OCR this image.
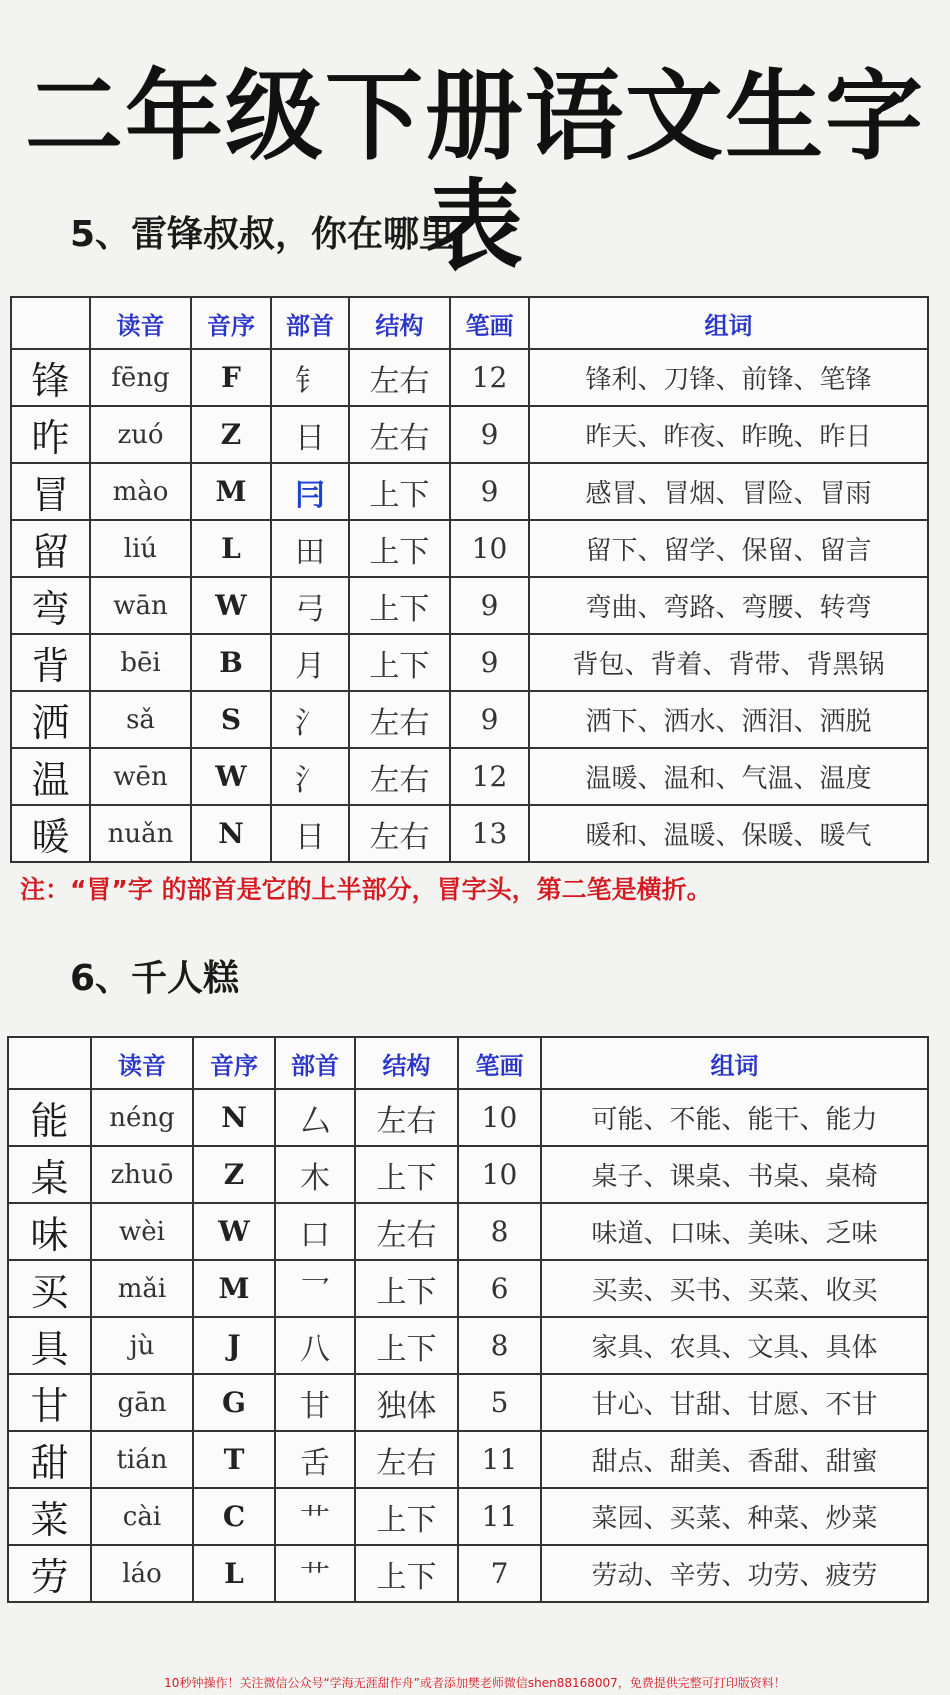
二年级下册语文生字表
5、雷锋叔叔，你在哪里
	读音	音序	部首	结构	笔画	组词
锋	fēng	F	钅	左右	12	锋利、刀锋、前锋、笔锋
昨	zuó	Z	日	左右	9	昨天、昨夜、昨晚、昨日
冒	mào	M	冃	上下	9	感冒、冒烟、冒险、冒雨
留	liú	L	田	上下	10	留下、留学、保留、留言
弯	wān	W	弓	上下	9	弯曲、弯路、弯腰、转弯
背	bēi	B	月	上下	9	背包、背着、背带、背黑锅
洒	sǎ	S	氵	左右	9	洒下、洒水、洒泪、洒脱
温	wēn	W	氵	左右	12	温暖、温和、气温、温度
暖	nuǎn	N	日	左右	13	暖和、温暖、保暖、暖气
注：“冒”字 的部首是它的上半部分，冒字头，第二笔是横折。
6、千人糕
	读音	音序	部首	结构	笔画	组词
能	néng	N	厶	左右	10	可能、不能、能干、能力
桌	zhuō	Z	木	上下	10	桌子、课桌、书桌、桌椅
味	wèi	W	口	左右	8	味道、口味、美味、乏味
买	mǎi	M	乛	上下	6	买卖、买书、买菜、收买
具	jù	J	八	上下	8	家具、农具、文具、具体
甘	gān	G	甘	独体	5	甘心、甘甜、甘愿、不甘
甜	tián	T	舌	左右	11	甜点、甜美、香甜、甜蜜
菜	cài	C	艹	上下	11	菜园、买菜、种菜、炒菜
劳	láo	L	艹	上下	7	劳动、辛劳、功劳、疲劳
10秒钟操作！关注微信公众号“学海无涯甜作舟”或者添加樊老师微信shen88168007，免费提供完整可打印版资料！
